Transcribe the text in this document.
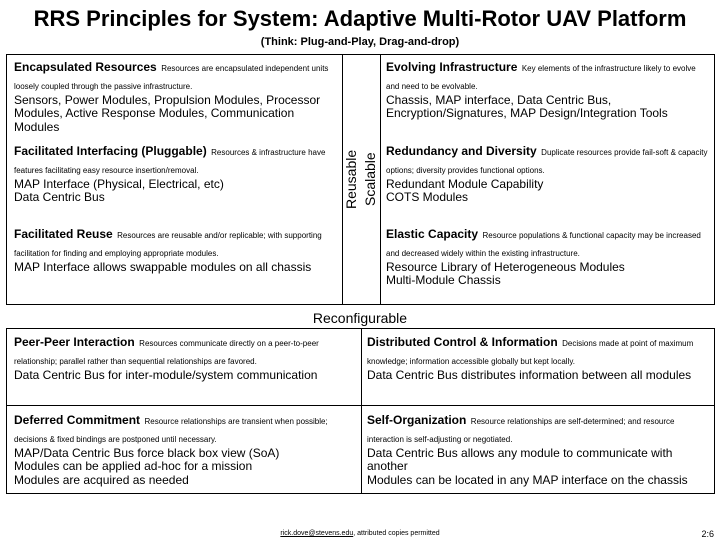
RRS Principles for System: Adaptive Multi-Rotor UAV Platform
(Think: Plug-and-Play, Drag-and-drop)
Reusable Scalable
Encapsulated Resources Resources are encapsulated independent units loosely coupled through the passive infrastructure.
Sensors, Power Modules, Propulsion Modules, Processor Modules, Active Response Modules, Communication Modules
Facilitated Interfacing (Pluggable) Resources & infrastructure have features facilitating easy resource insertion/removal.
MAP Interface (Physical, Electrical, etc)
Data Centric Bus
Facilitated Reuse Resources are reusable and/or replicable; with supporting facilitation for finding and employing appropriate modules.
MAP Interface allows swappable modules on all chassis
Evolving Infrastructure Key elements of the infrastructure likely to evolve and need to be evolvable.
Chassis, MAP interface, Data Centric Bus, Encryption/Signatures, MAP Design/Integration Tools
Redundancy and Diversity Duplicate resources provide fail-soft & capacity options; diversity provides functional options.
Redundant Module Capability
COTS Modules
Elastic Capacity Resource populations & functional capacity may be increased and decreased widely within the existing infrastructure.
Resource Library of Heterogeneous Modules
Multi-Module Chassis
Reconfigurable
Peer-Peer Interaction Resources communicate directly on a peer-to-peer relationship; parallel rather than sequential relationships are favored.
Data Centric Bus for inter-module/system communication
Deferred Commitment Resource relationships are transient when possible; decisions & fixed bindings are postponed until necessary.
MAP/Data Centric Bus force black box view (SoA)
Modules can be applied ad-hoc for a mission
Modules are acquired as needed
Distributed Control & Information Decisions made at point of maximum knowledge; information accessible globally but kept locally.
Data Centric Bus distributes information between all modules
Self-Organization Resource relationships are self-determined; and resource interaction is self-adjusting or negotiated.
Data Centric Bus allows any module to communicate with another
Modules can be located in any MAP interface on the chassis
rick.dove@stevens.edu, attributed copies permitted	2:6
